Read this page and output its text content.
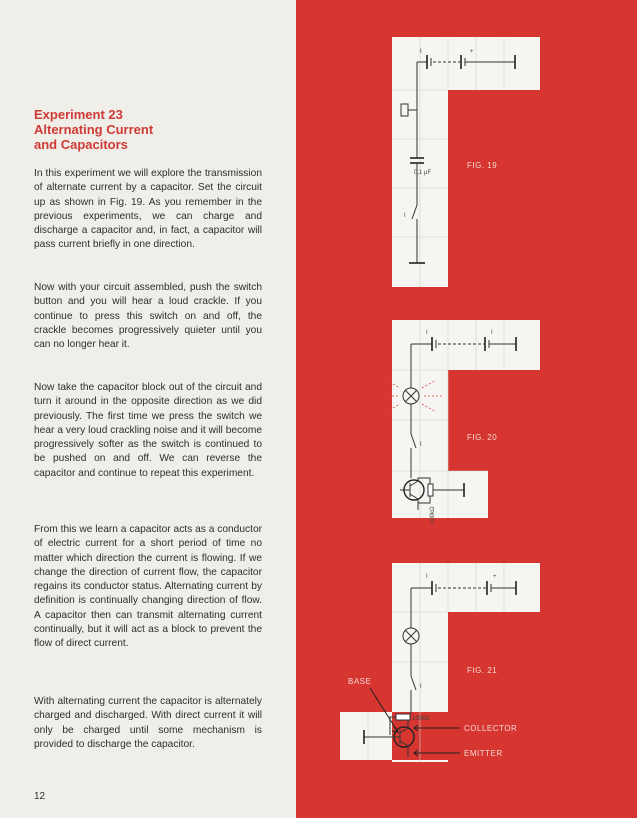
Experiment 23
Alternating Current
and Capacitors

In this experiment we will explore the transmission of alternate current by a capacitor. Set the circuit up as shown in Fig. 19. As you remember in the previous experiments, we can charge and discharge a capacitor and, in fact, a capacitor will pass current briefly in one direction.

Now with your circuit assembled, push the switch button and you will hear a loud crackle. If you continue to press this switch on and off, the crackle becomes progressively quieter until you can no longer hear it.

Now take the capacitor block out of the circuit and turn it around in the opposite direction as we did previously. The first time we press the switch we hear a very loud crackling noise and it will become progressively softer as the switch is continued to be pushed on and off. We can reverse the capacitor and continue to repeat this experiment.

From this we learn a capacitor acts as a conductor of electric current for a short period of time no matter which direction the current is flowing. If we change the direction of current flow, the capacitor regains its conductor status. Alternating current by definition is continually changing direction of flow. A capacitor then can transmit alternating current continually, but it will act as a block to prevent the flow of direct current.

With alternating current the capacitor is alternately charged and discharged. With direct current it will only be charged until some mechanism is provided to discharge the capacitor.

12
I	+
0,1 µF
I
FIG. 19
I	I
I
100kΩ
FIG. 20
I	+
I
100kΩ
BASE
COLLECTOR
EMITTER
FIG. 21
